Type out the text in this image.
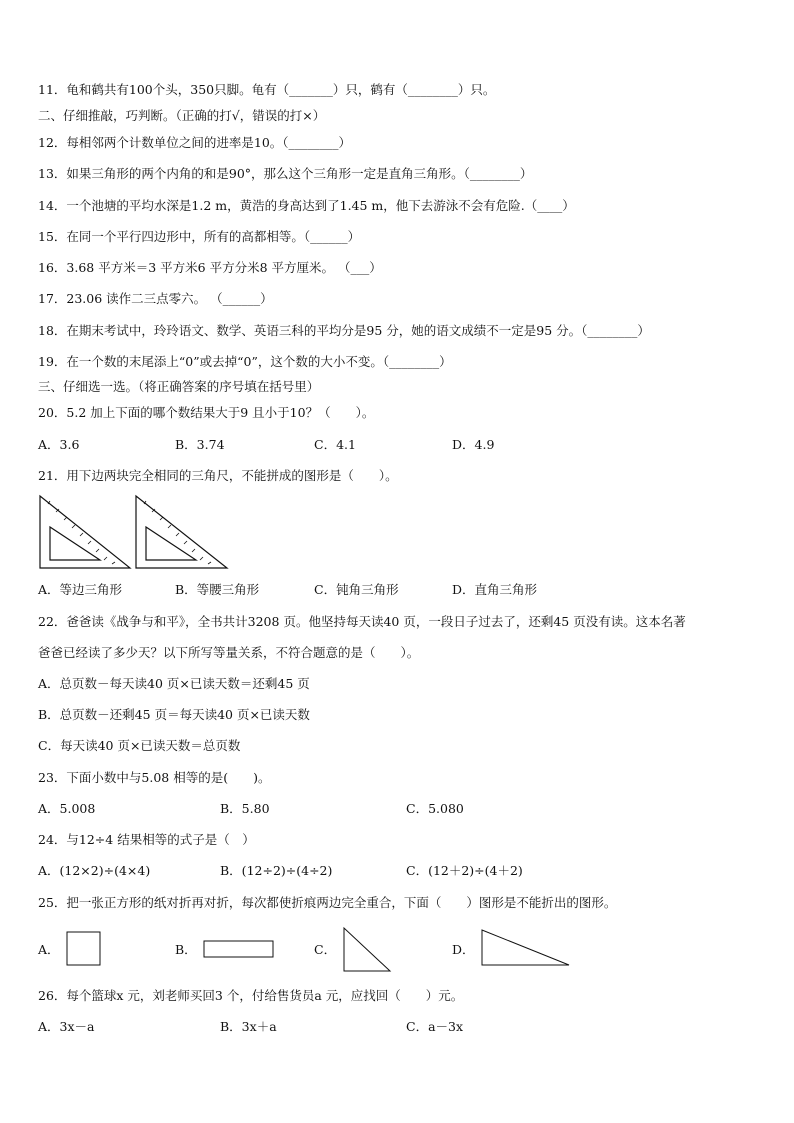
11．龟和鹤共有100个头，350只脚。龟有（_______）只，鹤有（________）只。
二、仔细推敲，巧判断。（正确的打√，错误的打×）
12．每相邻两个计数单位之间的进率是10。（________）
13．如果三角形的两个内角的和是90°，那么这个三角形一定是直角三角形。（________）
14．一个池塘的平均水深是1.2 m，黄浩的身高达到了1.45 m，他下去游泳不会有危险.（____）
15．在同一个平行四边形中，所有的高都相等。（______）
16．3.68 平方米＝3 平方米6 平方分米8 平方厘米。 （___）
17．23.06 读作二三点零六。 （______）
18．在期末考试中，玲玲语文、数学、英语三科的平均分是95 分，她的语文成绩不一定是95 分。（________）
19．在一个数的末尾添上“0”或去掉“0”，这个数的大小不变。（________）
三、仔细选一选。（将正确答案的序号填在括号里）
20．5.2 加上下面的哪个数结果大于9 且小于10？（　　）。
A．3.6	B．3.74	C．4.1	D．4.9
21．用下边两块完全相同的三角尺，不能拼成的图形是（　　）。
A．等边三角形	B．等腰三角形	C．钝角三角形	D．直角三角形
22．爸爸读《战争与和平》，全书共计3208 页。他坚持每天读40 页，一段日子过去了，还剩45 页没有读。这本名著
爸爸已经读了多少天？以下所写等量关系，不符合题意的是（　　）。
A．总页数－每天读40 页×已读天数＝还剩45 页
B．总页数－还剩45 页＝每天读40 页×已读天数
C．每天读40 页×已读天数＝总页数
23．下面小数中与5.08 相等的是(　　)。
A．5.008	B．5.80	C．5.080
24．与12÷4 结果相等的式子是（　）
A．(12×2)÷(4×4)	B．(12÷2)÷(4÷2)	C．(12＋2)÷(4＋2)
25．把一张正方形的纸对折再对折，每次都使折痕两边完全重合，下面（　　）图形是不能折出的图形。
A．	B．	C．	D．
26．每个篮球x 元，刘老师买回3 个，付给售货员a 元，应找回（　　）元。
A．3x－a	B．3x＋a	C．a－3x
